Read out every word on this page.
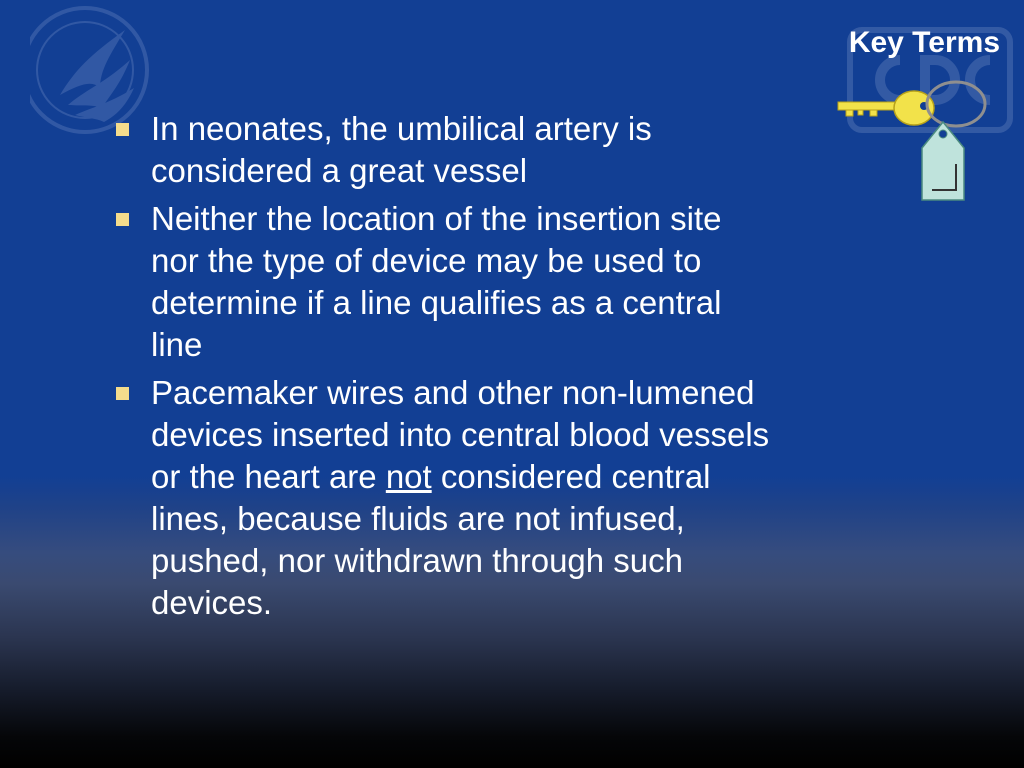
Key Terms
In neonates, the umbilical artery is
considered a great vessel
Neither the location of the insertion site
nor the type of device may be used to
determine if a line qualifies as a central
line
Pacemaker wires and other non-lumened
devices inserted into central blood vessels
or the heart are not considered central
lines, because fluids are not infused,
pushed, nor withdrawn through such
devices.
